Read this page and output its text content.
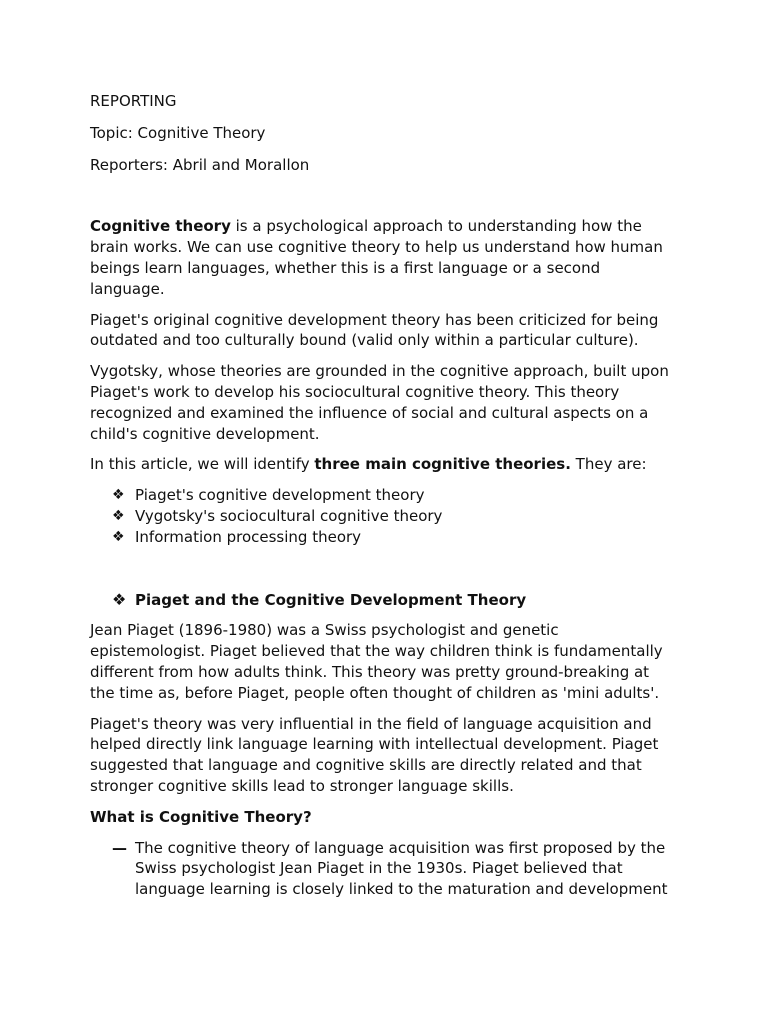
REPORTING

Topic: Cognitive Theory

Reporters: Abril and Morallon

Cognitive theory is a psychological approach to understanding how the brain works. We can use cognitive theory to help us understand how human beings learn languages, whether this is a first language or a second language.

Piaget's original cognitive development theory has been criticized for being outdated and too culturally bound (valid only within a particular culture).

Vygotsky, whose theories are grounded in the cognitive approach, built upon Piaget's work to develop his sociocultural cognitive theory. This theory recognized and examined the influence of social and cultural aspects on a child's cognitive development.

In this article, we will identify three main cognitive theories. They are:

❖ Piaget's cognitive development theory
❖ Vygotsky's sociocultural cognitive theory
❖ Information processing theory
❖ Piaget and the Cognitive Development Theory

Jean Piaget (1896-1980) was a Swiss psychologist and genetic epistemologist. Piaget believed that the way children think is fundamentally different from how adults think. This theory was pretty ground-breaking at the time as, before Piaget, people often thought of children as 'mini adults'.

Piaget's theory was very influential in the field of language acquisition and helped directly link language learning with intellectual development. Piaget suggested that language and cognitive skills are directly related and that stronger cognitive skills lead to stronger language skills.

What is Cognitive Theory?

— The cognitive theory of language acquisition was first proposed by the Swiss psychologist Jean Piaget in the 1930s. Piaget believed that language learning is closely linked to the maturation and development
